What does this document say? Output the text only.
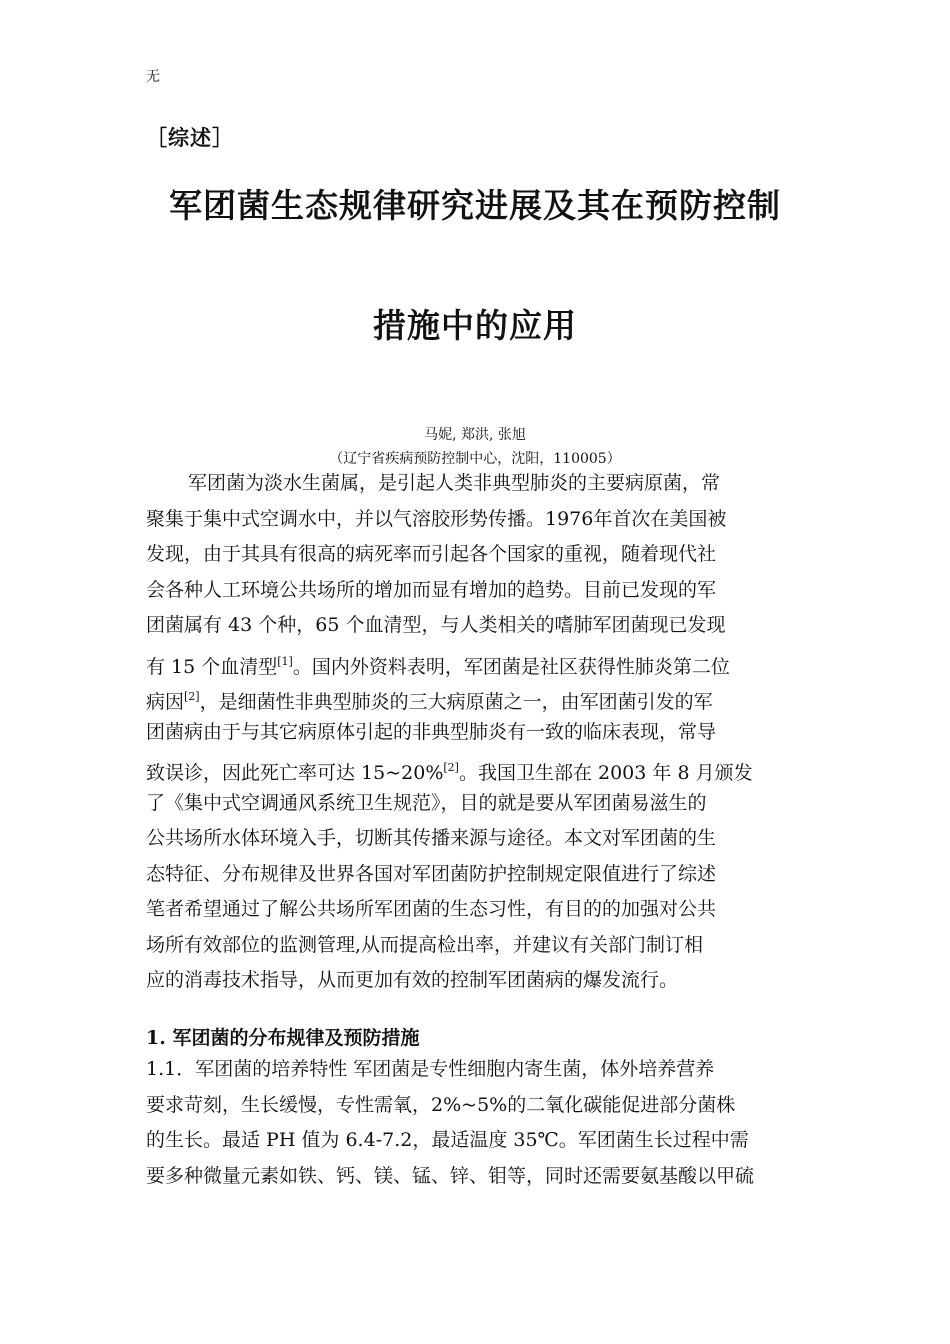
无
［综述］
军团菌生态规律研究进展及其在预防控制
措施中的应用
马妮, 郑洪, 张旭
（辽宁省疾病预防控制中心，沈阳，110005）
军团菌为淡水生菌属，是引起人类非典型肺炎的主要病原菌，常
聚集于集中式空调水中，并以气溶胶形势传播。1976年首次在美国被
发现，由于其具有很高的病死率而引起各个国家的重视，随着现代社
会各种人工环境公共场所的增加而显有增加的趋势。目前已发现的军
团菌属有 43 个种，65 个血清型，与人类相关的嗜肺军团菌现已发现
有 15 个血清型[1]。国内外资料表明，军团菌是社区获得性肺炎第二位
病因[2]，是细菌性非典型肺炎的三大病原菌之一，由军团菌引发的军
团菌病由于与其它病原体引起的非典型肺炎有一致的临床表现，常导
致误诊，因此死亡率可达 15~20%[2]。我国卫生部在 2003 年 8 月颁发
了《集中式空调通风系统卫生规范》，目的就是要从军团菌易滋生的
公共场所水体环境入手，切断其传播来源与途径。本文对军团菌的生
态特征、分布规律及世界各国对军团菌防护控制规定限值进行了综述
笔者希望通过了解公共场所军团菌的生态习性，有目的的加强对公共
场所有效部位的监测管理,从而提高检出率，并建议有关部门制订相
应的消毒技术指导，从而更加有效的控制军团菌病的爆发流行。
1. 军团菌的分布规律及预防措施
1.1．军团菌的培养特性 军团菌是专性细胞内寄生菌，体外培养营养
要求苛刻，生长缓慢，专性需氧，2%~5%的二氧化碳能促进部分菌株
的生长。最适 PH 值为 6.4-7.2，最适温度 35℃。军团菌生长过程中需
要多种微量元素如铁、钙、镁、锰、锌、钼等，同时还需要氨基酸以甲硫
